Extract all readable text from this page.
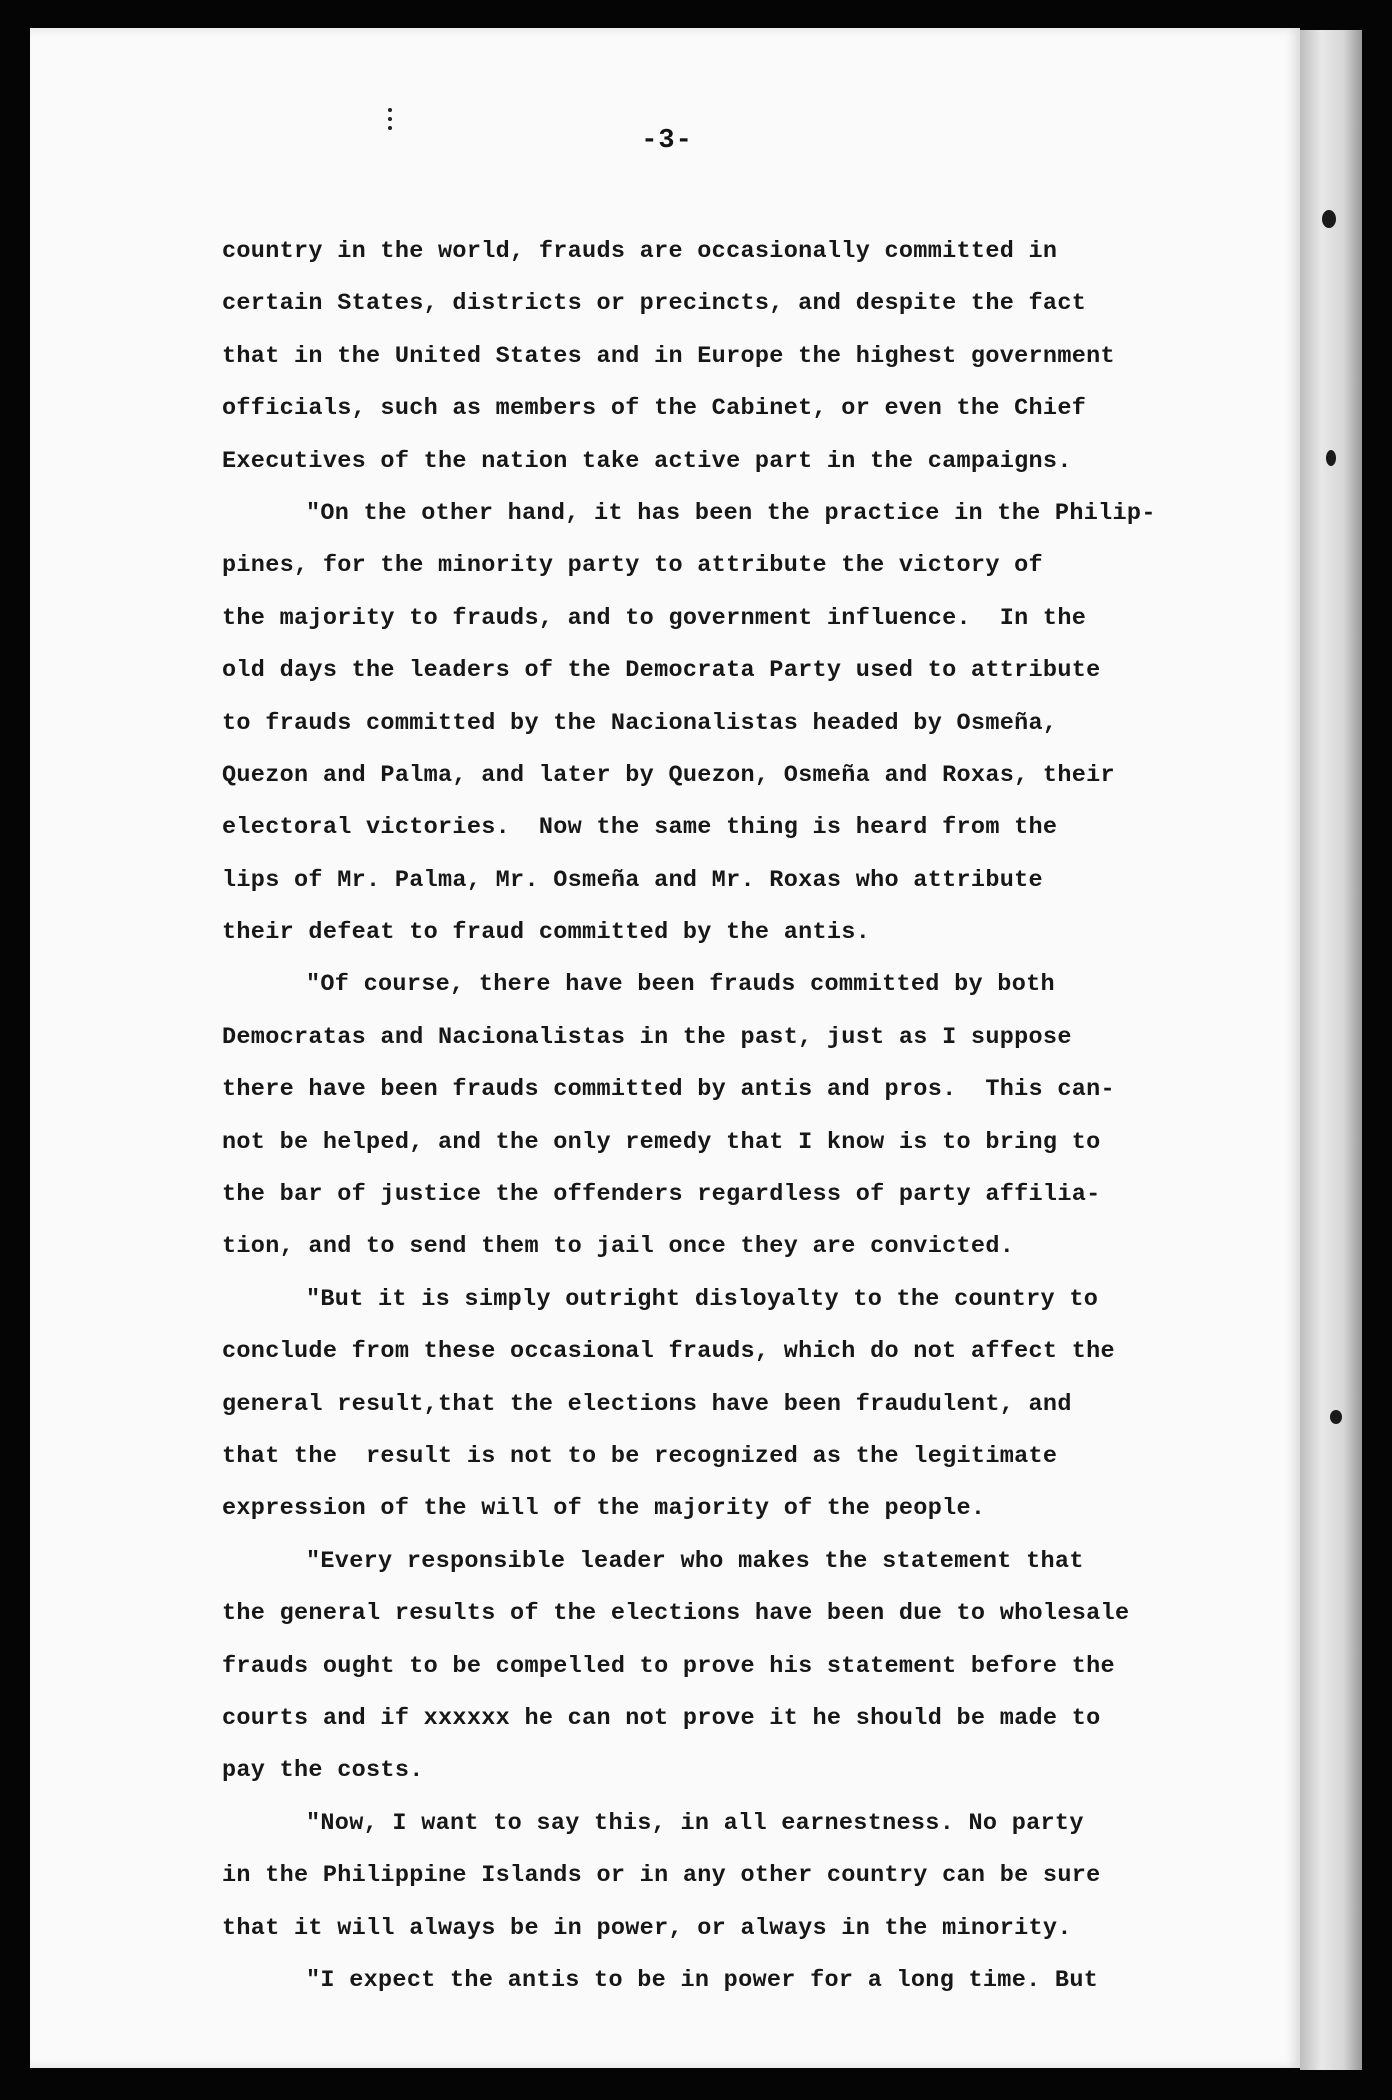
-3-
country in the world, frauds are occasionally committed in
certain States, districts or precincts, and despite the fact
that in the United States and in Europe the highest government
officials, such as members of the Cabinet, or even the Chief
Executives of the nation take active part in the campaigns.
"On the other hand, it has been the practice in the Philip-
pines, for the minority party to attribute the victory of
the majority to frauds, and to government influence.  In the
old days the leaders of the Democrata Party used to attribute
to frauds committed by the Nacionalistas headed by Osmeña,
Quezon and Palma, and later by Quezon, Osmeña and Roxas, their
electoral victories.  Now the same thing is heard from the
lips of Mr. Palma, Mr. Osmeña and Mr. Roxas who attribute
their defeat to fraud committed by the antis.
"Of course, there have been frauds committed by both
Democratas and Nacionalistas in the past, just as I suppose
there have been frauds committed by antis and pros.  This can-
not be helped, and the only remedy that I know is to bring to
the bar of justice the offenders regardless of party affilia-
tion, and to send them to jail once they are convicted.
"But it is simply outright disloyalty to the country to
conclude from these occasional frauds, which do not affect the
general result,that the elections have been fraudulent, and
that the  result is not to be recognized as the legitimate
expression of the will of the majority of the people.
"Every responsible leader who makes the statement that
the general results of the elections have been due to wholesale
frauds ought to be compelled to prove his statement before the
courts and if xxxxxx he can not prove it he should be made to
pay the costs.
"Now, I want to say this, in all earnestness. No party
in the Philippine Islands or in any other country can be sure
that it will always be in power, or always in the minority.
"I expect the antis to be in power for a long time. But
